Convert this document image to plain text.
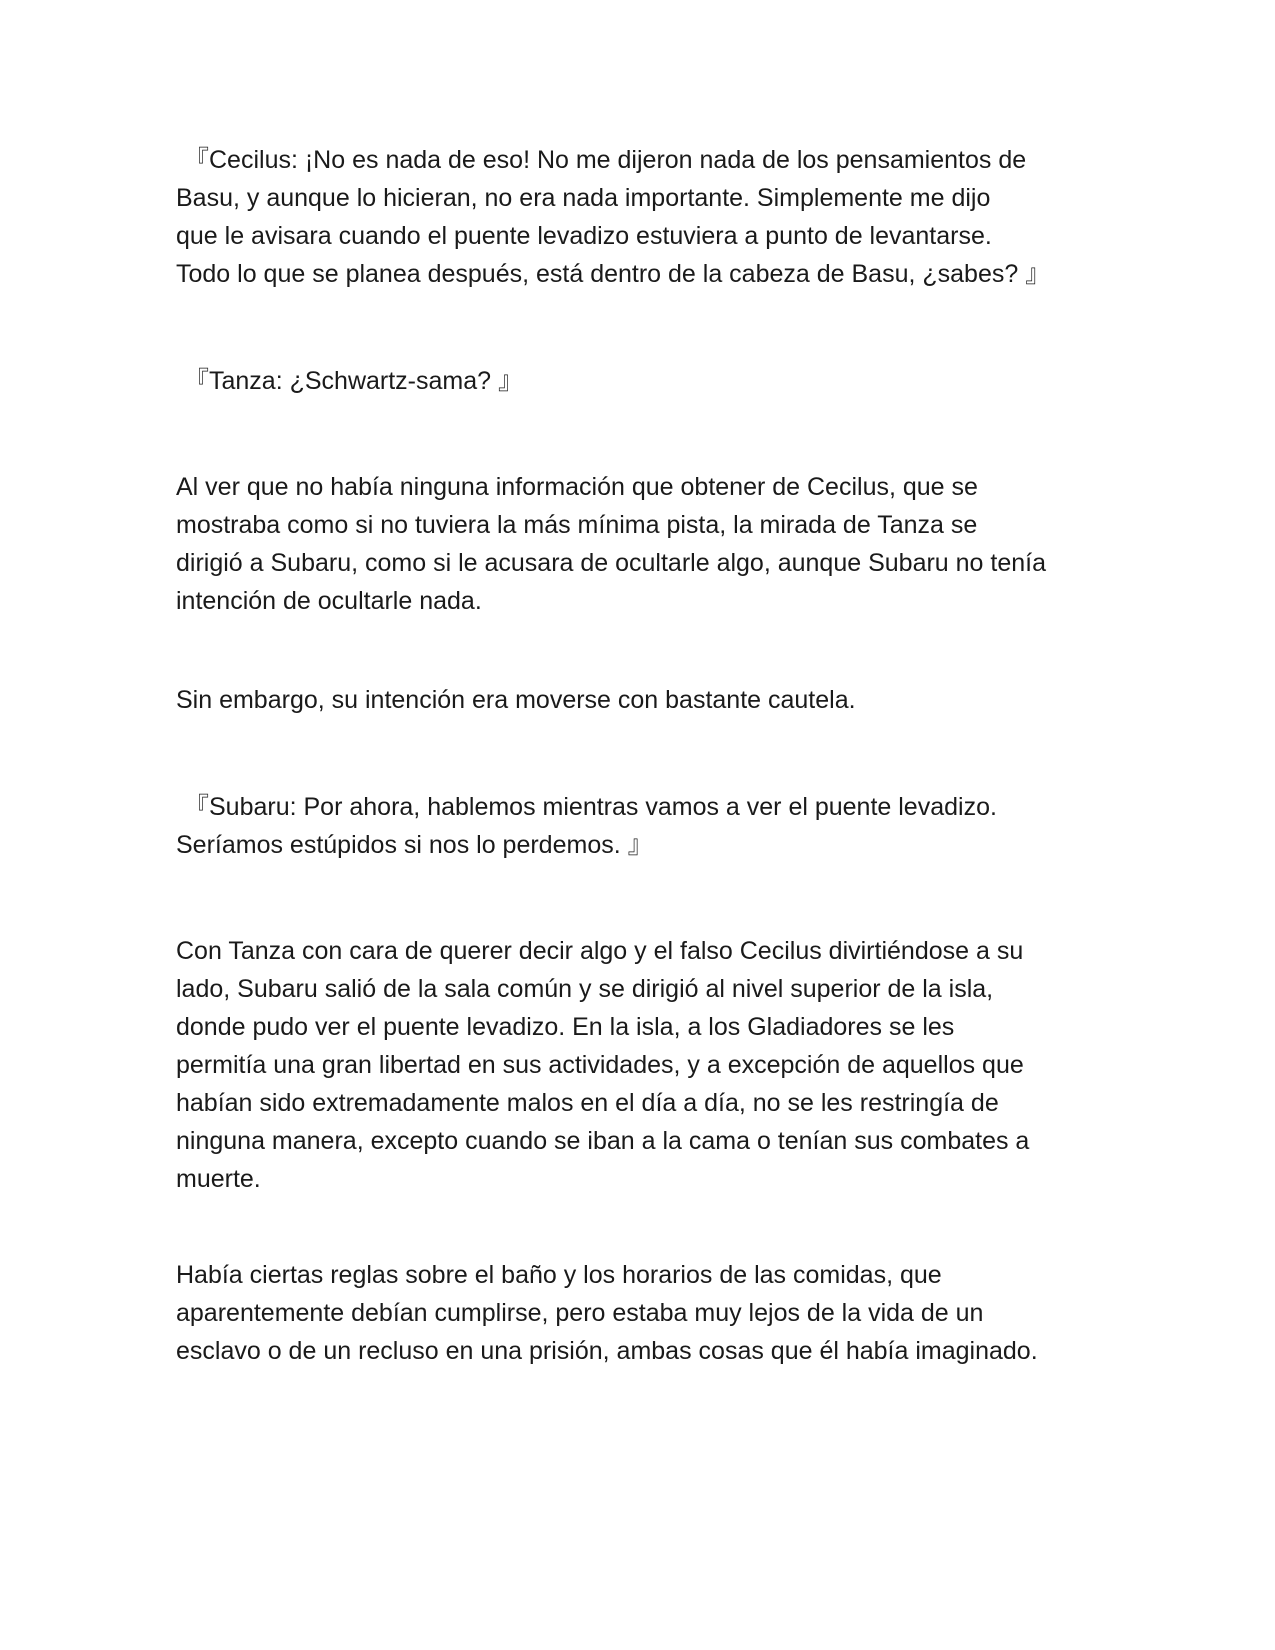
『Cecilus: ¡No es nada de eso! No me dijeron nada de los pensamientos de
Basu, y aunque lo hicieran, no era nada importante. Simplemente me dijo
que le avisara cuando el puente levadizo estuviera a punto de levantarse.
Todo lo que se planea después, está dentro de la cabeza de Basu, ¿sabes? 』
『Tanza: ¿Schwartz-sama? 』
Al ver que no había ninguna información que obtener de Cecilus, que se
mostraba como si no tuviera la más mínima pista, la mirada de Tanza se
dirigió a Subaru, como si le acusara de ocultarle algo, aunque Subaru no tenía
intención de ocultarle nada.
Sin embargo, su intención era moverse con bastante cautela.
『Subaru: Por ahora, hablemos mientras vamos a ver el puente levadizo.
Seríamos estúpidos si nos lo perdemos. 』
Con Tanza con cara de querer decir algo y el falso Cecilus divirtiéndose a su
lado, Subaru salió de la sala común y se dirigió al nivel superior de la isla,
donde pudo ver el puente levadizo. En la isla, a los Gladiadores se les
permitía una gran libertad en sus actividades, y a excepción de aquellos que
habían sido extremadamente malos en el día a día, no se les restringía de
ninguna manera, excepto cuando se iban a la cama o tenían sus combates a
muerte.
Había ciertas reglas sobre el baño y los horarios de las comidas, que
aparentemente debían cumplirse, pero estaba muy lejos de la vida de un
esclavo o de un recluso en una prisión, ambas cosas que él había imaginado.
